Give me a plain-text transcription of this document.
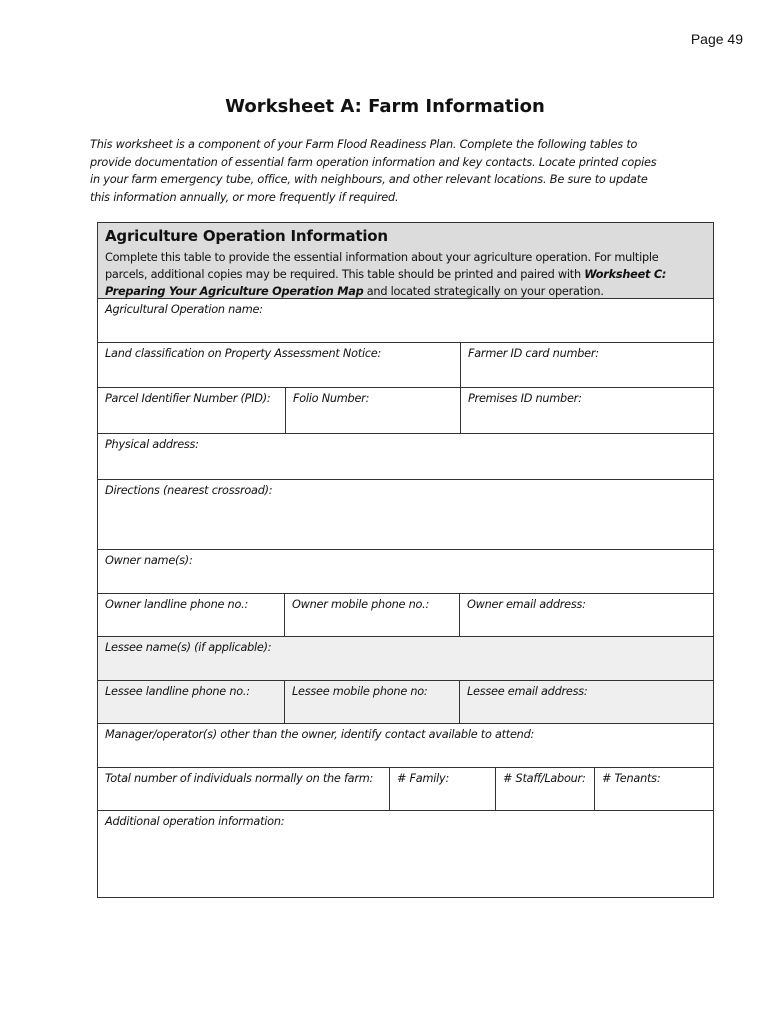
Page 49
Worksheet A: Farm Information
This worksheet is a component of your Farm Flood Readiness Plan. Complete the following tables to
provide documentation of essential farm operation information and key contacts. Locate printed copies
in your farm emergency tube, office, with neighbours, and other relevant locations. Be sure to update
this information annually, or more frequently if required.
Agriculture Operation Information
Complete this table to provide the essential information about your agriculture operation. For multiple
parcels, additional copies may be required. This table should be printed and paired with Worksheet C:
Preparing Your Agriculture Operation Map and located strategically on your operation.
Agricultural Operation name:
Land classification on Property Assessment Notice:	Farmer ID card number:
Parcel Identifier Number (PID):	Folio Number:	Premises ID number:
Physical address:
Directions (nearest crossroad):
Owner name(s):
Owner landline phone no.:	Owner mobile phone no.:	Owner email address:
Lessee name(s) (if applicable):
Lessee landline phone no.:	Lessee mobile phone no:	Lessee email address:
Manager/operator(s) other than the owner, identify contact available to attend:
Total number of individuals normally on the farm:	# Family:	# Staff/Labour:	# Tenants:
Additional operation information:
